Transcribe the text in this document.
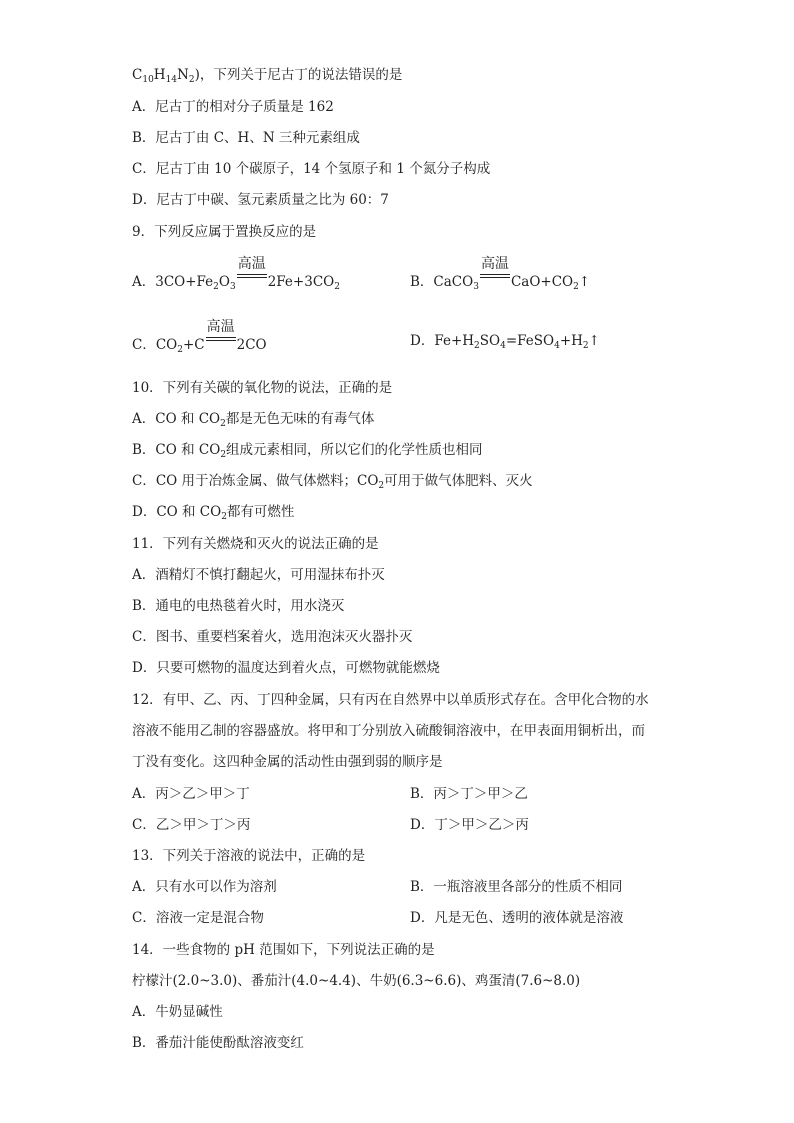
$C_{10}H_{14}N_2$)，下列关于尼古丁的说法错误的是
A．尼古丁的相对分子质量是 162
B．尼古丁由 C、H、N 三种元素组成
C．尼古丁由 10 个碳原子，14 个氢原子和 1 个氮分子构成
D．尼古丁中碳、氢元素质量之比为 60：7
9．下列反应属于置换反应的是
A．$3CO+Fe_2O_3$
高温
$2Fe+3CO_2$	B．CaCO$_3$
高温
$CaO+CO_2↑$
C．$CO_2+C$
高温
2CO	D．$Fe+H_2SO_4=FeSO_4+H_2↑$
10．下列有关碳的氧化物的说法，正确的是
A．CO 和 $CO_2$都是无色无味的有毒气体
B．CO 和 $CO_2$组成元素相同，所以它们的化学性质也相同
C．CO 用于冶炼金属、做气体燃料；$CO_2$可用于做气体肥料、灭火
D．CO 和 $CO_2$都有可燃性
11．下列有关燃烧和灭火的说法正确的是
A．酒精灯不慎打翻起火，可用湿抹布扑灭
B．通电的电热毯着火时，用水浇灭
C．图书、重要档案着火，选用泡沫灭火器扑灭
D．只要可燃物的温度达到着火点，可燃物就能燃烧
12．有甲、乙、丙、丁四种金属，只有丙在自然界中以单质形式存在。含甲化合物的水
溶液不能用乙制的容器盛放。将甲和丁分别放入硫酸铜溶液中，在甲表面用铜析出，而
丁没有变化。这四种金属的活动性由强到弱的顺序是
A．丙＞乙＞甲＞丁	B．丙＞丁＞甲＞乙
C．乙＞甲＞丁＞丙	D．丁＞甲＞乙＞丙
13．下列关于溶液的说法中，正确的是
A．只有水可以作为溶剂	B．一瓶溶液里各部分的性质不相同
C．溶液一定是混合物	D．凡是无色、透明的液体就是溶液
14．一些食物的 pH 范围如下，下列说法正确的是
柠檬汁(2.0~3.0)、番茄汁(4.0~4.4)、牛奶(6.3~6.6)、鸡蛋清(7.6~8.0)
A．牛奶显碱性
B．番茄汁能使酚酞溶液变红
